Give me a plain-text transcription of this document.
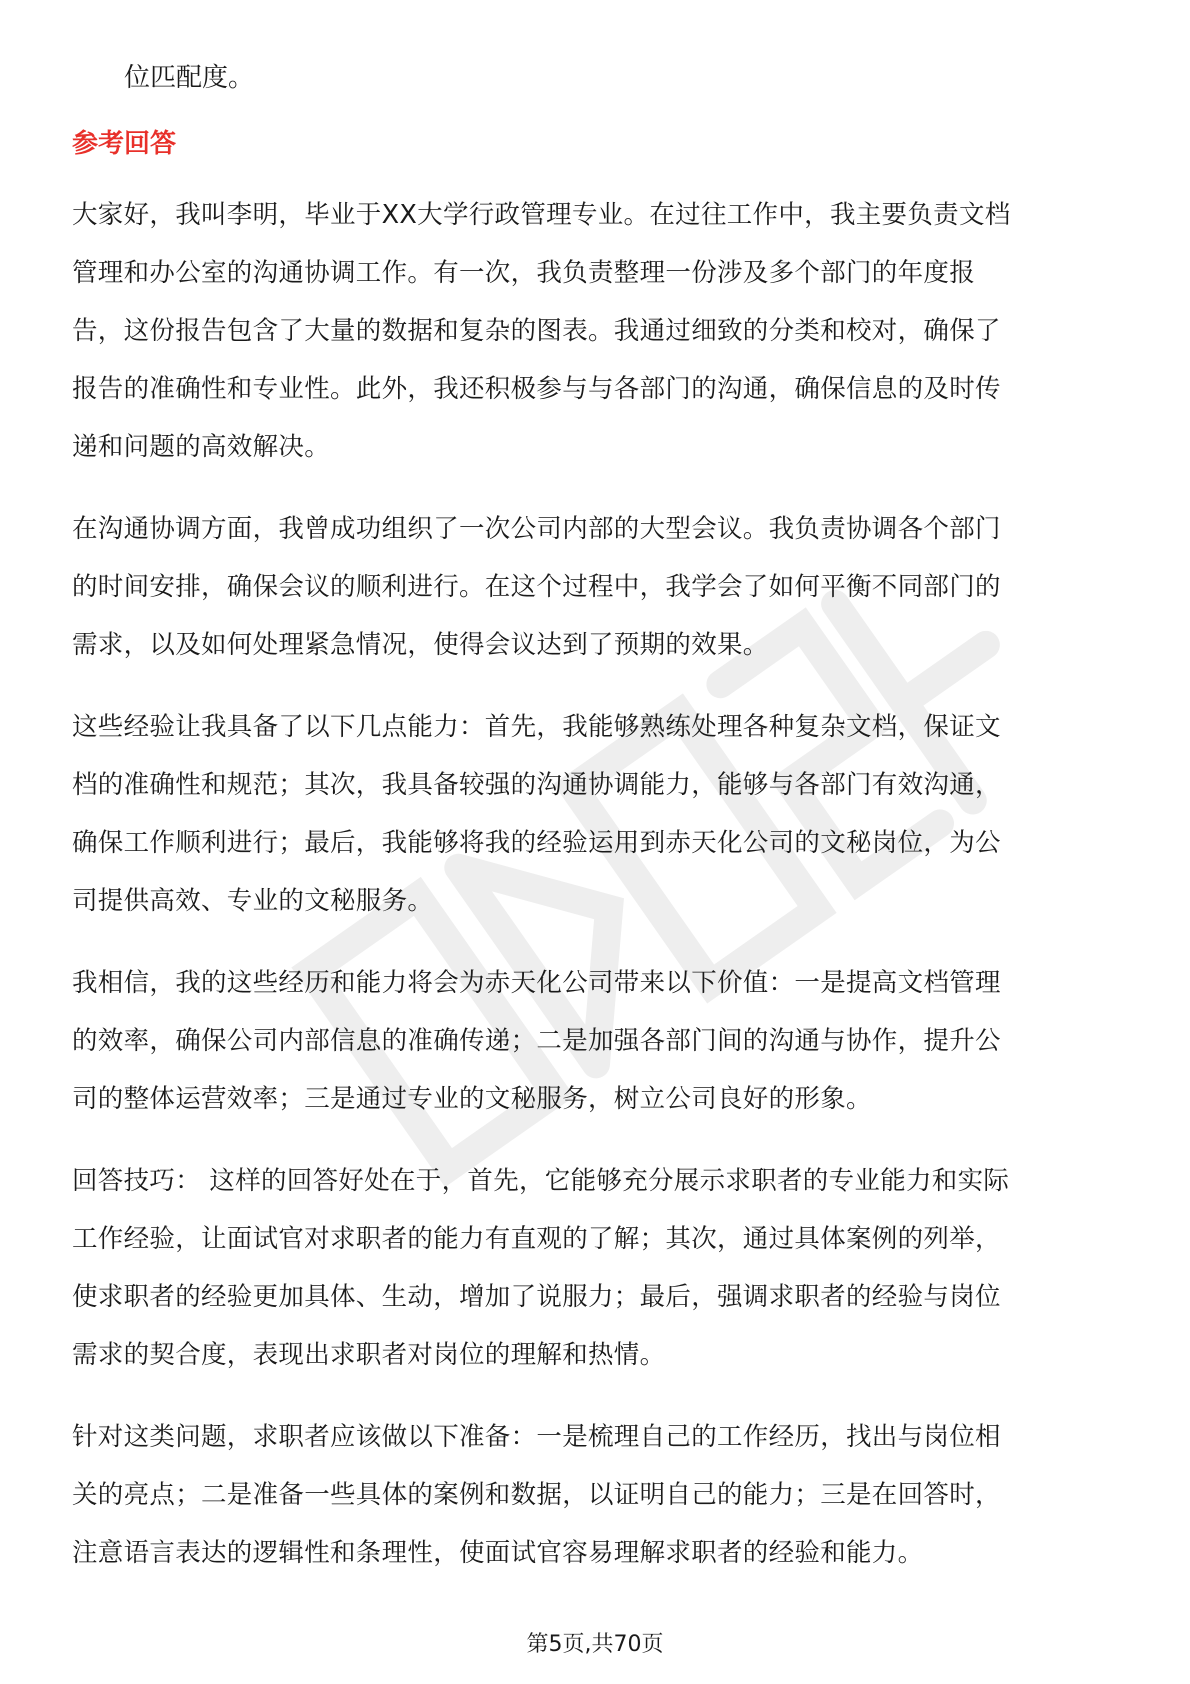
位匹配度。
参考回答
大家好，我叫李明，毕业于XX大学行政管理专业。在过往工作中，我主要负责文档
管理和办公室的沟通协调工作。有一次，我负责整理一份涉及多个部门的年度报
告，这份报告包含了大量的数据和复杂的图表。我通过细致的分类和校对，确保了
报告的准确性和专业性。此外，我还积极参与与各部门的沟通，确保信息的及时传
递和问题的高效解决。
在沟通协调方面，我曾成功组织了一次公司内部的大型会议。我负责协调各个部门
的时间安排，确保会议的顺利进行。在这个过程中，我学会了如何平衡不同部门的
需求，以及如何处理紧急情况，使得会议达到了预期的效果。
这些经验让我具备了以下几点能力：首先，我能够熟练处理各种复杂文档，保证文
档的准确性和规范；其次，我具备较强的沟通协调能力，能够与各部门有效沟通，
确保工作顺利进行；最后，我能够将我的经验运用到赤天化公司的文秘岗位，为公
司提供高效、专业的文秘服务。
我相信，我的这些经历和能力将会为赤天化公司带来以下价值：一是提高文档管理
的效率，确保公司内部信息的准确传递；二是加强各部门间的沟通与协作，提升公
司的整体运营效率；三是通过专业的文秘服务，树立公司良好的形象。
回答技巧： 这样的回答好处在于，首先，它能够充分展示求职者的专业能力和实际
工作经验，让面试官对求职者的能力有直观的了解；其次，通过具体案例的列举，
使求职者的经验更加具体、生动，增加了说服力；最后，强调求职者的经验与岗位
需求的契合度，表现出求职者对岗位的理解和热情。
针对这类问题，求职者应该做以下准备：一是梳理自己的工作经历，找出与岗位相
关的亮点；二是准备一些具体的案例和数据，以证明自己的能力；三是在回答时，
注意语言表达的逻辑性和条理性，使面试官容易理解求职者的经验和能力。
第5页,共70页
